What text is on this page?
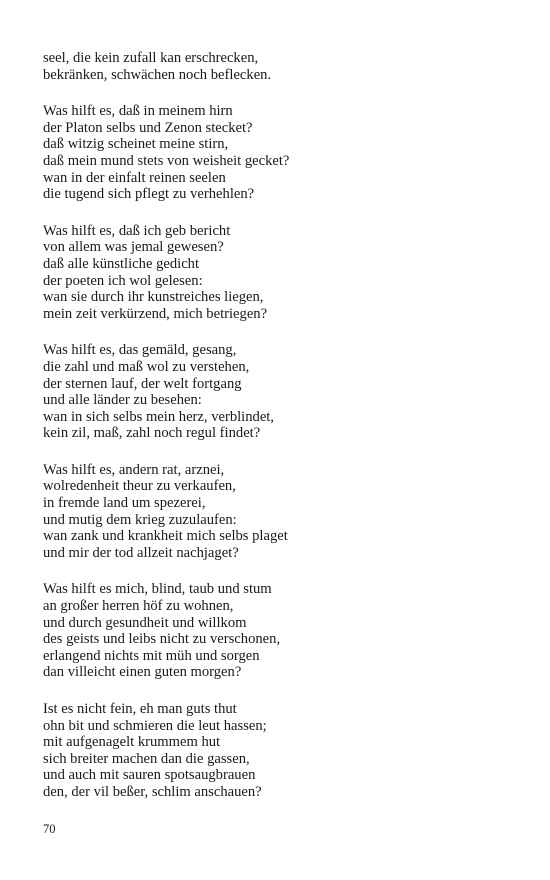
seel, die kein zufall kan erschrecken,
bekränken, schwächen noch beflecken.
Was hilft es, daß in meinem hirn
der Platon selbs und Zenon stecket?
daß witzig scheinet meine stirn,
daß mein mund stets von weisheit gecket?
wan in der einfalt reinen seelen
die tugend sich pflegt zu verhehlen?
Was hilft es, daß ich geb bericht
von allem was jemal gewesen?
daß alle künstliche gedicht
der poeten ich wol gelesen:
wan sie durch ihr kunstreiches liegen,
mein zeit verkürzend, mich betriegen?
Was hilft es, das gemäld, gesang,
die zahl und maß wol zu verstehen,
der sternen lauf, der welt fortgang
und alle länder zu besehen:
wan in sich selbs mein herz, verblindet,
kein zil, maß, zahl noch regul findet?
Was hilft es, andern rat, arznei,
wolredenheit theur zu verkaufen,
in fremde land um spezerei,
und mutig dem krieg zuzulaufen:
wan zank und krankheit mich selbs plaget
und mir der tod allzeit nachjaget?
Was hilft es mich, blind, taub und stum
an großer herren höf zu wohnen,
und durch gesundheit und willkom
des geists und leibs nicht zu verschonen,
erlangend nichts mit müh und sorgen
dan villeicht einen guten morgen?
Ist es nicht fein, eh man guts thut
ohn bit und schmieren die leut hassen;
mit aufgenagelt krummem hut
sich breiter machen dan die gassen,
und auch mit sauren spotsaugbrauen
den, der vil beßer, schlim anschauen?
70
